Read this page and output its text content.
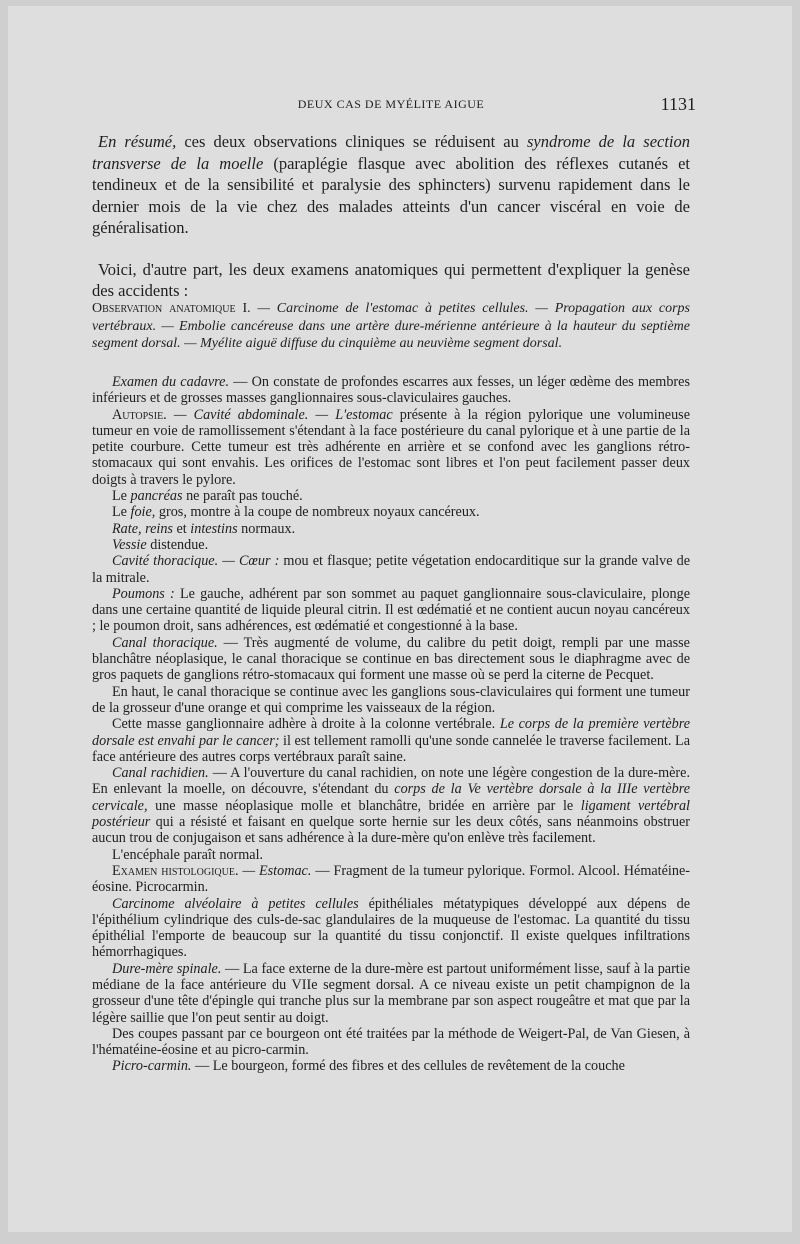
DEUX CAS DE MYÉLITE AIGUE	1131

En résumé, ces deux observations cliniques se réduisent au syndrome de la section transverse de la moelle (paraplégie flasque avec abolition des réflexes cutanés et tendineux et de la sensibilité et paralysie des sphincters) survenu rapidement dans le dernier mois de la vie chez des malades atteints d'un cancer viscéral en voie de généralisation.

Voici, d'autre part, les deux examens anatomiques qui permettent d'expliquer la genèse des accidents :

Observation anatomique I. — Carcinome de l'estomac à petites cellules. — Propagation aux corps vertébraux. — Embolie cancéreuse dans une artère dure-mérienne antérieure à la hauteur du septième segment dorsal. — Myélite aiguë diffuse du cinquième au neuvième segment dorsal.

Examen du cadavre. — On constate de profondes escarres aux fesses, un léger œdème des membres inférieurs et de grosses masses ganglionnaires sous-claviculaires gauches.

Autopsie. — Cavité abdominale. — L'estomac présente à la région pylorique une volumineuse tumeur en voie de ramollissement s'étendant à la face postérieure du canal pylorique et à une partie de la petite courbure. Cette tumeur est très adhérente en arrière et se confond avec les ganglions rétro-stomacaux qui sont envahis. Les orifices de l'estomac sont libres et l'on peut facilement passer deux doigts à travers le pylore.

Le pancréas ne paraît pas touché.

Le foie, gros, montre à la coupe de nombreux noyaux cancéreux.

Rate, reins et intestins normaux.

Vessie distendue.

Cavité thoracique. — Cœur : mou et flasque; petite végetation endocarditique sur la grande valve de la mitrale.

Poumons : Le gauche, adhérent par son sommet au paquet ganglionnaire sous-claviculaire, plonge dans une certaine quantité de liquide pleural citrin. Il est œdématié et ne contient aucun noyau cancéreux ; le poumon droit, sans adhérences, est œdématié et congestionné à la base.

Canal thoracique. — Très augmenté de volume, du calibre du petit doigt, rempli par une masse blanchâtre néoplasique, le canal thoracique se continue en bas directement sous le diaphragme avec de gros paquets de ganglions rétro-stomacaux qui forment une masse où se perd la citerne de Pecquet.

En haut, le canal thoracique se continue avec les ganglions sous-claviculaires qui forment une tumeur de la grosseur d'une orange et qui comprime les vaisseaux de la région.

Cette masse ganglionnaire adhère à droite à la colonne vertébrale. Le corps de la première vertèbre dorsale est envahi par le cancer; il est tellement ramolli qu'une sonde cannelée le traverse facilement. La face antérieure des autres corps vertébraux paraît saine.

Canal rachidien. — A l'ouverture du canal rachidien, on note une légère congestion de la dure-mère. En enlevant la moelle, on découvre, s'étendant du corps de la Ve vertèbre dorsale à la IIIe vertèbre cervicale, une masse néoplasique molle et blanchâtre, bridée en arrière par le ligament vertébral postérieur qui a résisté et faisant en quelque sorte hernie sur les deux côtés, sans néanmoins obstruer aucun trou de conjugaison et sans adhérence à la dure-mère qu'on enlève très facilement.

L'encéphale paraît normal.

Examen histologique. — Estomac. — Fragment de la tumeur pylorique. Formol. Alcool. Hématéine-éosine. Picrocarmin.

Carcinome alvéolaire à petites cellules épithéliales métatypiques développé aux dépens de l'épithélium cylindrique des culs-de-sac glandulaires de la muqueuse de l'estomac. La quantité du tissu épithélial l'emporte de beaucoup sur la quantité du tissu conjonctif. Il existe quelques infiltrations hémorrhagiques.

Dure-mère spinale. — La face externe de la dure-mère est partout uniformément lisse, sauf à la partie médiane de la face antérieure du VIIe segment dorsal. A ce niveau existe un petit champignon de la grosseur d'une tête d'épingle qui tranche plus sur la membrane par son aspect rougeâtre et mat que par la légère saillie que l'on peut sentir au doigt.

Des coupes passant par ce bourgeon ont été traitées par la méthode de Weigert-Pal, de Van Giesen, à l'hématéine-éosine et au picro-carmin.

Picro-carmin. — Le bourgeon, formé des fibres et des cellules de revêtement de la couche
